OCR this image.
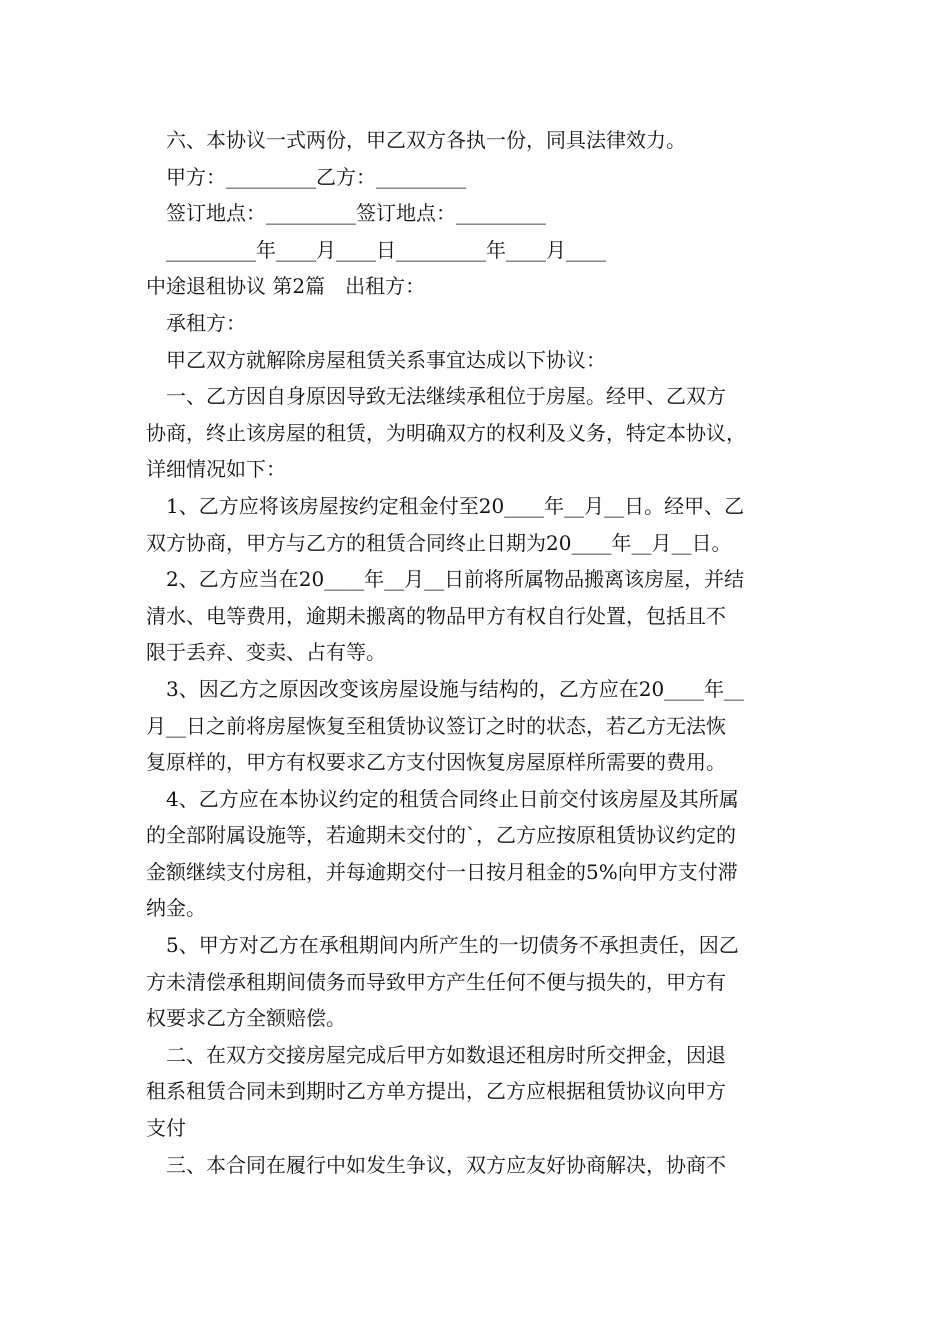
　六、本协议一式两份，甲乙双方各执一份，同具法律效力。
　甲方：_________乙方：_________
　签订地点：_________签订地点：_________
　_________年____月____日_________年____月____
中途退租协议 第2篇　出租方：
　承租方：
　甲乙双方就解除房屋租赁关系事宜达成以下协议：
　一、乙方因自身原因导致无法继续承租位于房屋。经甲、乙双方
协商，终止该房屋的租赁，为明确双方的权利及义务，特定本协议，
详细情况如下：
　1、乙方应将该房屋按约定租金付至20____年__月__日。经甲、乙
双方协商，甲方与乙方的租赁合同终止日期为20____年__月__日。
　2、乙方应当在20____年__月__日前将所属物品搬离该房屋，并结
清水、电等费用，逾期未搬离的物品甲方有权自行处置，包括且不
限于丢弃、变卖、占有等。
　3、因乙方之原因改变该房屋设施与结构的，乙方应在20____年__
月__日之前将房屋恢复至租赁协议签订之时的状态，若乙方无法恢
复原样的，甲方有权要求乙方支付因恢复房屋原样所需要的费用。
　4、乙方应在本协议约定的租赁合同终止日前交付该房屋及其所属
的全部附属设施等，若逾期未交付的`，乙方应按原租赁协议约定的
金额继续支付房租，并每逾期交付一日按月租金的5%向甲方支付滞
纳金。
　5、甲方对乙方在承租期间内所产生的一切债务不承担责任，因乙
方未清偿承租期间债务而导致甲方产生任何不便与损失的，甲方有
权要求乙方全额赔偿。
　二、在双方交接房屋完成后甲方如数退还租房时所交押金，因退
租系租赁合同未到期时乙方单方提出，乙方应根据租赁协议向甲方
支付
　三、本合同在履行中如发生争议，双方应友好协商解决，协商不
